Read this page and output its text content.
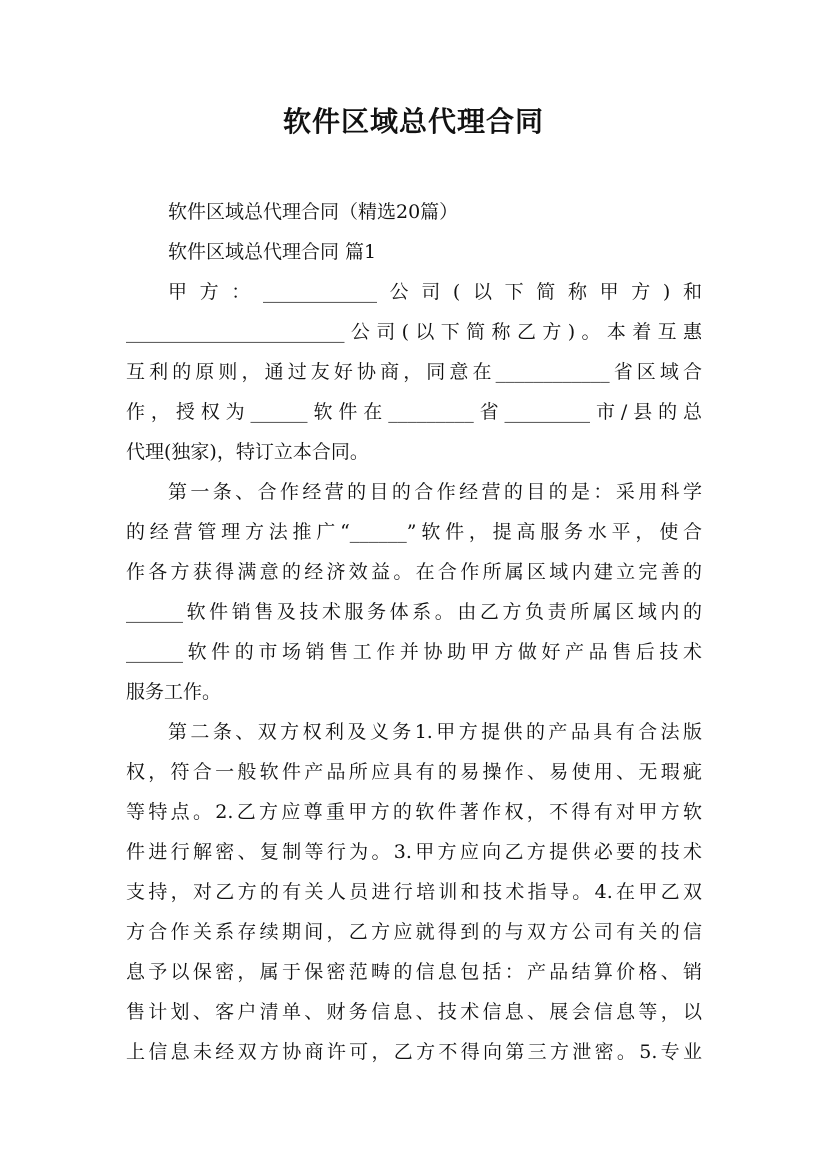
软件区域总代理合同

软件区域总代理合同（精选20篇）

软件区域总代理合同 篇1

甲方：____________公司(以下简称甲方)和
_______________________公司(以下简称乙方)。本着互惠
互利的原则，通过友好协商，同意在____________省区域合
作，授权为______软件在_________省_________市/县的总
代理(独家)，特订立本合同。
第一条、合作经营的目的合作经营的目的是：采用科学
的经营管理方法推广“______”软件，提高服务水平，使合
作各方获得满意的经济效益。在合作所属区域内建立完善的
______软件销售及技术服务体系。由乙方负责所属区域内的
______软件的市场销售工作并协助甲方做好产品售后技术
服务工作。
第二条、双方权利及义务1.甲方提供的产品具有合法版
权，符合一般软件产品所应具有的易操作、易使用、无瑕疵
等特点。2.乙方应尊重甲方的软件著作权，不得有对甲方软
件进行解密、复制等行为。3.甲方应向乙方提供必要的技术
支持，对乙方的有关人员进行培训和技术指导。4.在甲乙双
方合作关系存续期间，乙方应就得到的与双方公司有关的信
息予以保密，属于保密范畴的信息包括：产品结算价格、销
售计划、客户清单、财务信息、技术信息、展会信息等，以
上信息未经双方协商许可，乙方不得向第三方泄密。5.专业
